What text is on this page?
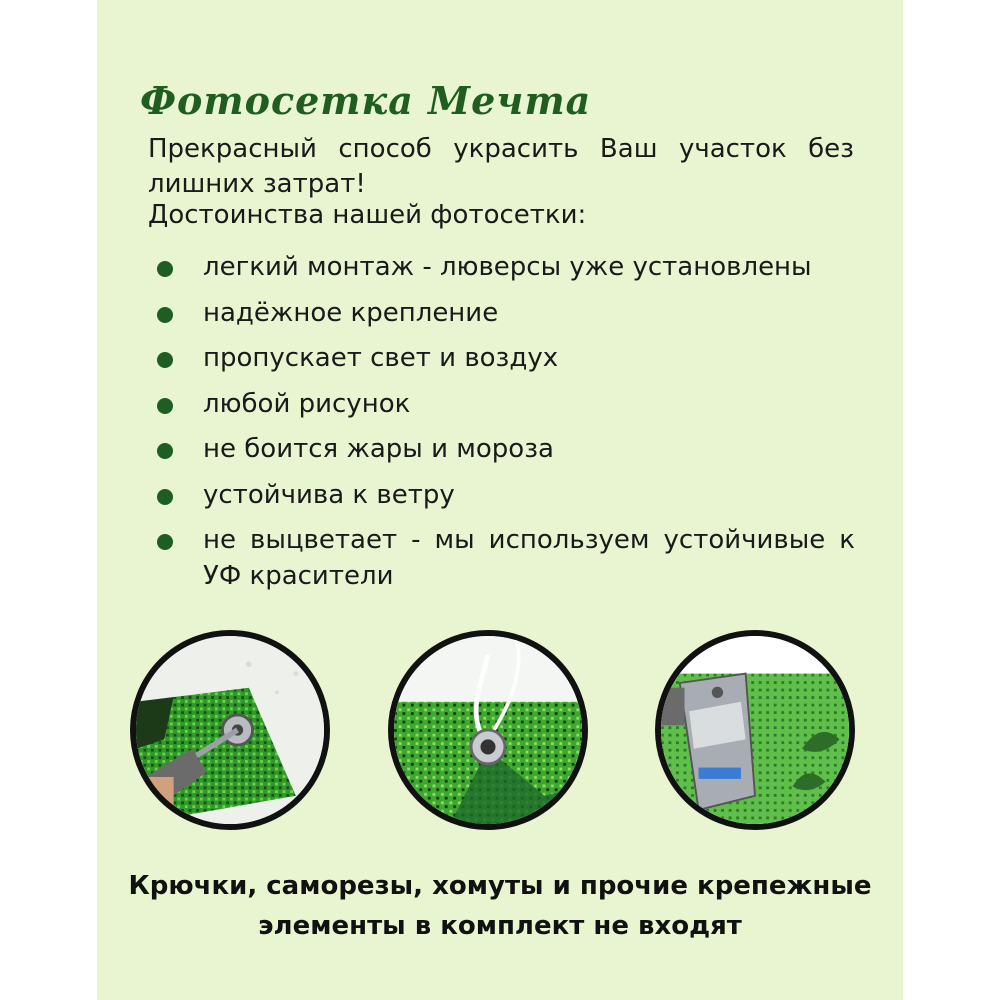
Фотосетка Мечта
Прекрасный способ украсить Ваш участок без лишних затрат!
Достоинства нашей фотосетки:
легкий монтаж - люверсы уже установлены
надёжное крепление
пропускает свет и воздух
любой рисунок
не боится жары и мороза
устойчива к ветру
не выцветает - мы используем устойчивые к УФ красители
Крючки, саморезы, хомуты и прочие крепежные
элементы в комплект не входят
